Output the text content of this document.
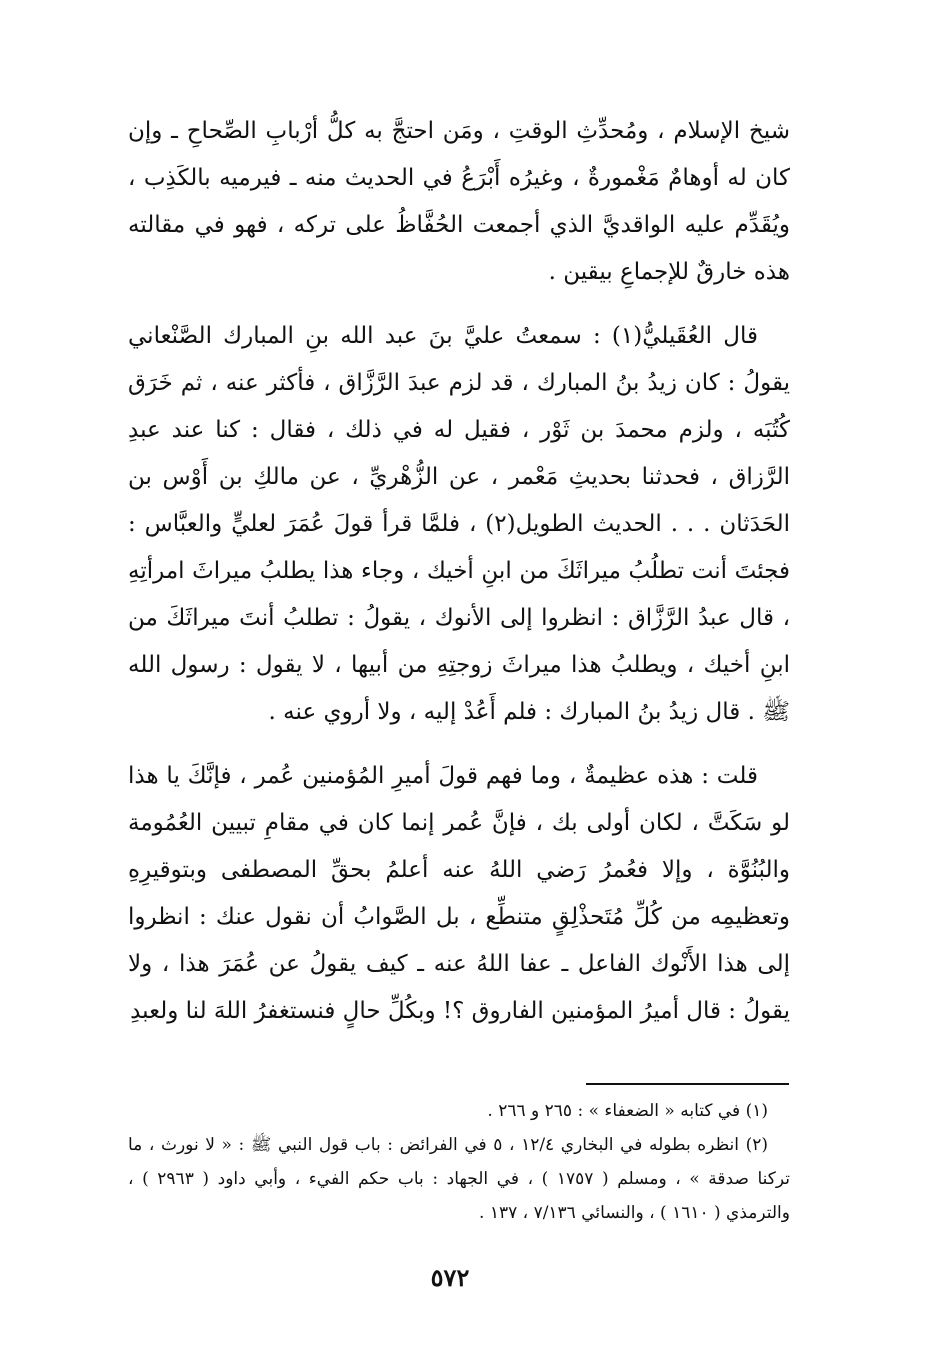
شيخ الإسلام ، ومُحدِّثِ الوقتِ ، ومَن احتجَّ به كلُّ أرْبابِ الصِّحاحِ ـ وإن كان له أوهامٌ مَغْمورةٌ ، وغيرُه أَبْرَعُ في الحديث منه ـ فيرميه بالكَذِب ، ويُقَدِّم عليه الواقديَّ الذي أجمعت الحُفَّاظُ على تركه ، فهو في مقالته هذه خارقٌ للإجماعِ بيقين .

قال العُقَيليُّ(١) : سمعتُ عليَّ بنَ عبد الله بنِ المبارك الصَّنْعاني يقولُ : كان زيدُ بنُ المبارك ، قد لزم عبدَ الرَّزَّاق ، فأكثر عنه ، ثم خَرَق كُتُبَه ، ولزم محمدَ بن ثَوْر ، فقيل له في ذلك ، فقال : كنا عند عبدِ الرَّزاق ، فحدثنا بحديثِ مَعْمر ، عن الزُّهْريِّ ، عن مالكِ بن أَوْس بن الحَدَثان . . . الحديث الطويل(٢) ، فلمَّا قرأ قولَ عُمَرَ لعليٍّ والعبَّاس : فجئتَ أنت تطلُبُ ميراثَكَ من ابنِ أخيك ، وجاء هذا يطلبُ ميراثَ امرأتِهِ ، قال عبدُ الرَّزَّاق : انظروا إلى الأنوك ، يقولُ : تطلبُ أنتَ ميراثَكَ من ابنِ أخيك ، ويطلبُ هذا ميراثَ زوجتِهِ من أبيها ، لا يقول : رسول الله ﷺ . قال زيدُ بنُ المبارك : فلم أَعُدْ إليه ، ولا أروي عنه .

قلت : هذه عظيمةٌ ، وما فهم قولَ أميرِ المُؤمنين عُمر ، فإنَّكَ يا هذا لو سَكَتَّ ، لكان أولى بك ، فإنَّ عُمر إنما كان في مقامِ تبيين العُمُومة والبُنُوَّة ، وإلا فعُمرُ رَضي اللهُ عنه أعلمُ بحقِّ المصطفى وبتوقيرِهِ وتعظيمِه من كُلِّ مُتَحذْلِقٍ متنطِّع ، بل الصَّوابُ أن نقول عنك : انظروا إلى هذا الأَنْوك الفاعل ـ عفا اللهُ عنه ـ كيف يقولُ عن عُمَرَ هذا ، ولا يقولُ : قال أميرُ المؤمنين الفاروق ؟! وبكُلِّ حالٍ فنستغفرُ اللهَ لنا ولعبدِ

(١) في كتابه « الضعفاء » : ٢٦٥ و ٢٦٦ .

(٢) انظره بطوله في البخاري ١٢/٤ ، ٥ في الفرائض : باب قول النبي ﷺ : « لا نورث ، ما تركنا صدقة » ، ومسلم ( ١٧٥٧ ) ، في الجهاد : باب حكم الفيء ، وأبي داود ( ٢٩٦٣ ) ، والترمذي ( ١٦١٠ ) ، والنسائي ٧/١٣٦ ، ١٣٧ .

٥٧٢
